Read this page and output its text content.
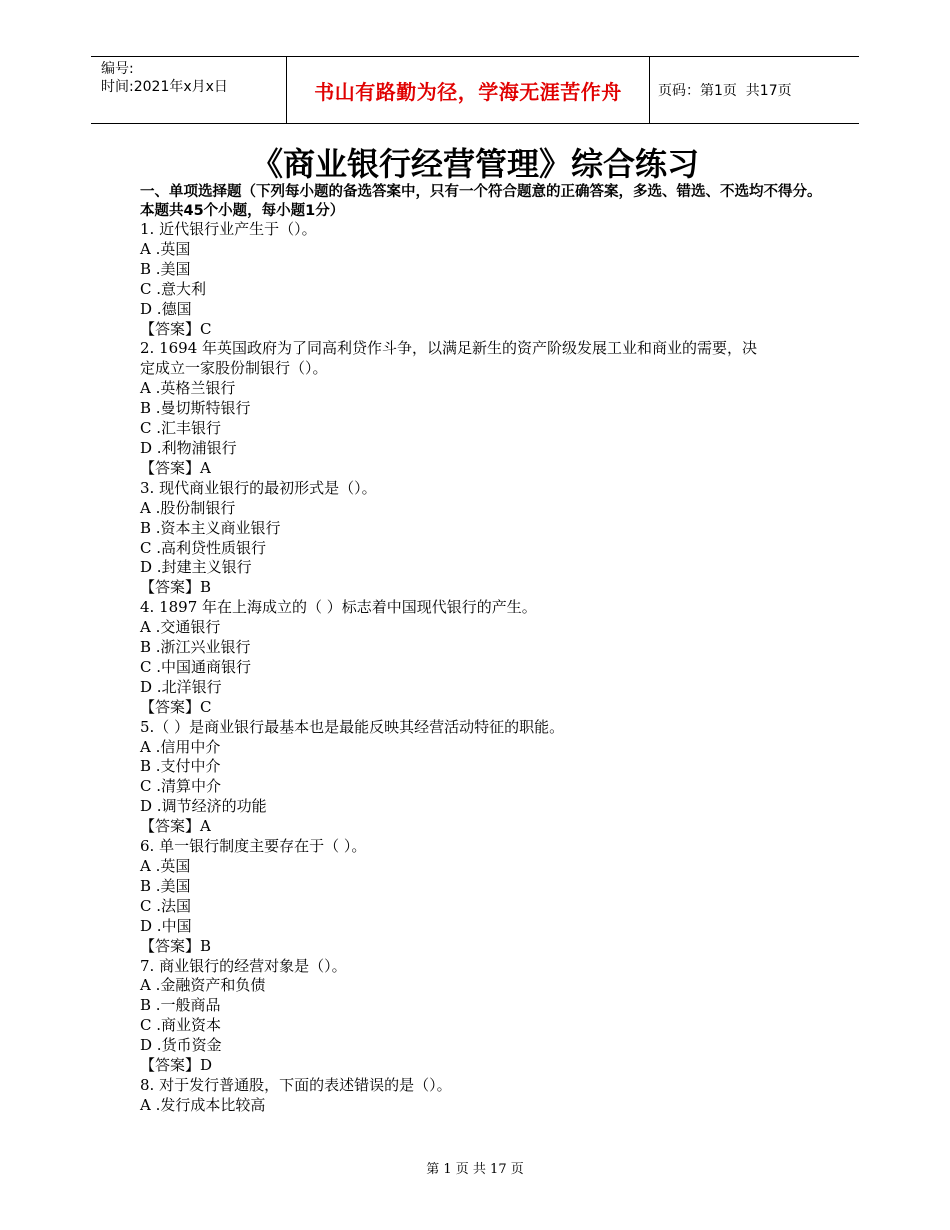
编号:
时间:2021年x月x日	书山有路勤为径，学海无涯苦作舟	页码：第1页  共17页
《商业银行经营管理》综合练习
一、单项选择题（下列每小题的备选答案中，只有一个符合题意的正确答案，多选、错选、不选均不得分。本题共45个小题，每小题1分）
1. 近代银行业产生于（）。
A .英国
B .美国
C .意大利
D .德国
【答案】C
2. 1694 年英国政府为了同高利贷作斗争，以满足新生的资产阶级发展工业和商业的需要，决
定成立一家股份制银行（）。
A .英格兰银行
B .曼切斯特银行
C .汇丰银行
D .利物浦银行
【答案】A
3. 现代商业银行的最初形式是（）。
A .股份制银行
B .资本主义商业银行
C .高利贷性质银行
D .封建主义银行
【答案】B
4. 1897 年在上海成立的（ ）标志着中国现代银行的产生。
A .交通银行
B .浙江兴业银行
C .中国通商银行
D .北洋银行
【答案】C
5.（ ）是商业银行最基本也是最能反映其经营活动特征的职能。
A .信用中介
B .支付中介
C .清算中介
D .调节经济的功能
【答案】A
6. 单一银行制度主要存在于（ ）。
A .英国
B .美国
C .法国
D .中国
【答案】B
7. 商业银行的经营对象是（）。
A .金融资产和负债
B .一般商品
C .商业资本
D .货币资金
【答案】D
8. 对于发行普通股，下面的表述错误的是（）。
A .发行成本比较高
第 1 页 共 17 页
